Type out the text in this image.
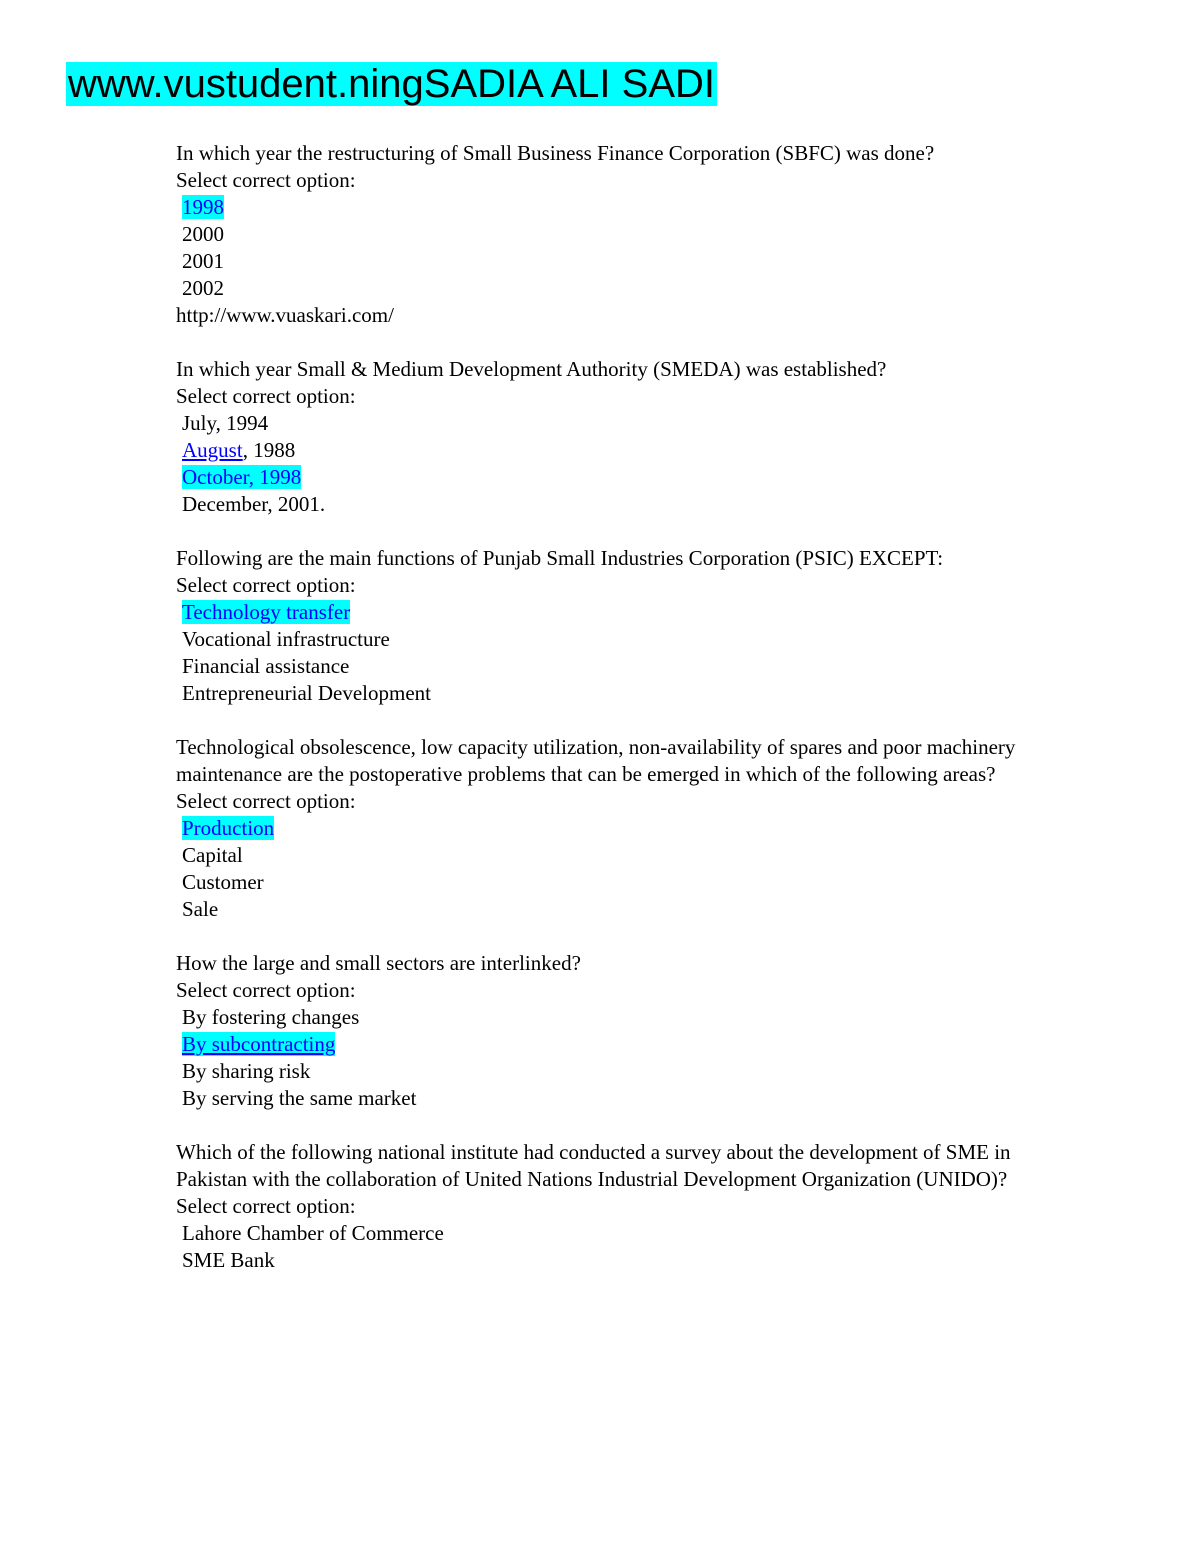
www.vustudent.ningSADIA ALI SADI
In which year the restructuring of Small Business Finance Corporation (SBFC) was done?
Select correct option:
1998
2000
2001
2002
http://www.vuaskari.com/
In which year Small & Medium Development Authority (SMEDA) was established?
Select correct option:
July, 1994
August, 1988
October, 1998
December, 2001.
Following are the main functions of Punjab Small Industries Corporation (PSIC) EXCEPT:
Select correct option:
Technology transfer
Vocational infrastructure
Financial assistance
Entrepreneurial Development
Technological obsolescence, low capacity utilization, non-availability of spares and poor machinery maintenance are the postoperative problems that can be emerged in which of the following areas?
Select correct option:
Production
Capital
Customer
Sale
How the large and small sectors are interlinked?
Select correct option:
By fostering changes
By subcontracting
By sharing risk
By serving the same market
Which of the following national institute had conducted a survey about the development of SME in Pakistan with the collaboration of United Nations Industrial Development Organization (UNIDO)?
Select correct option:
Lahore Chamber of Commerce
SME Bank
